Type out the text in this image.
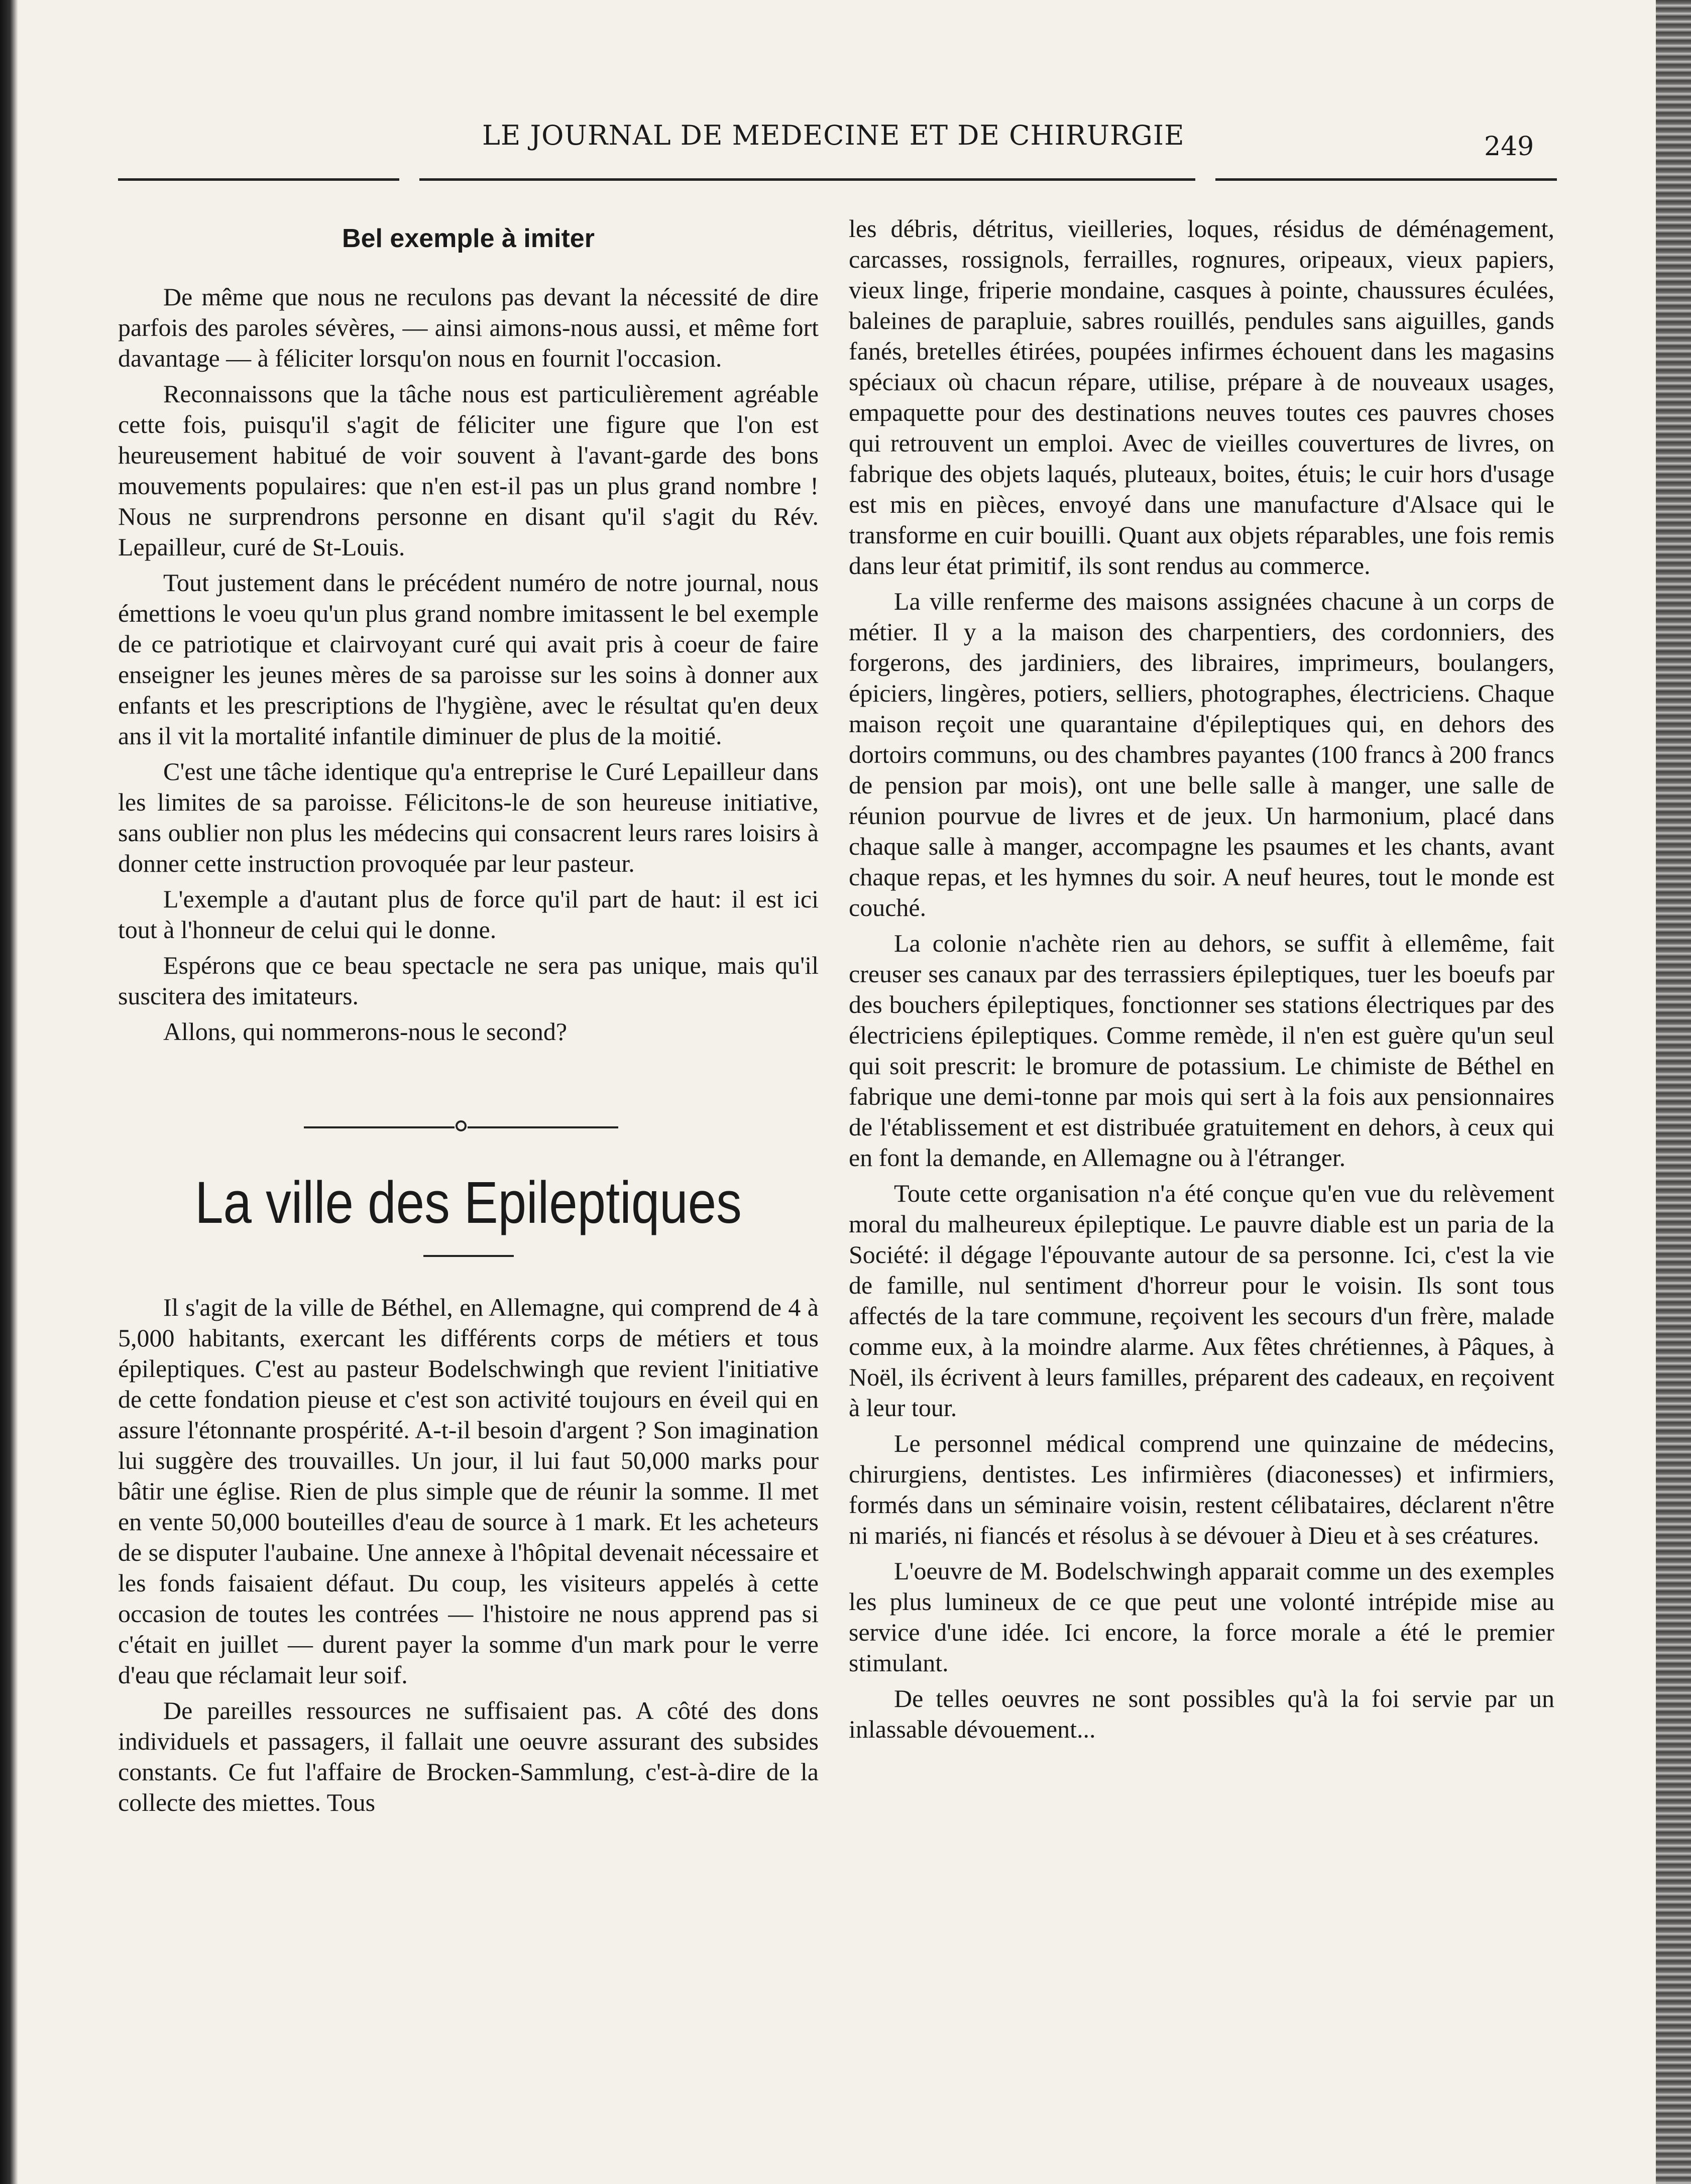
LE JOURNAL DE MEDECINE ET DE CHIRURGIE	249
Bel exemple à imiter

De même que nous ne reculons pas devant la nécessité de dire parfois des paroles sévères, — ainsi aimons-nous aussi, et même fort davantage — à féliciter lorsqu'on nous en fournit l'occasion.

Reconnaissons que la tâche nous est particulièrement agréable cette fois, puisqu'il s'agit de féliciter une figure que l'on est heureusement habitué de voir souvent à l'avant-garde des bons mouvements populaires: que n'en est-il pas un plus grand nombre ! Nous ne surprendrons personne en disant qu'il s'agit du Rév. Lepailleur, curé de St-Louis.

Tout justement dans le précédent numéro de notre journal, nous émettions le voeu qu'un plus grand nombre imitassent le bel exemple de ce patriotique et clairvoyant curé qui avait pris à coeur de faire enseigner les jeunes mères de sa paroisse sur les soins à donner aux enfants et les prescriptions de l'hygiène, avec le résultat qu'en deux ans il vit la mortalité infantile diminuer de plus de la moitié.

C'est une tâche identique qu'a entreprise le Curé Lepailleur dans les limites de sa paroisse. Félicitons-le de son heureuse initiative, sans oublier non plus les médecins qui consacrent leurs rares loisirs à donner cette instruction provoquée par leur pasteur.

L'exemple a d'autant plus de force qu'il part de haut: il est ici tout à l'honneur de celui qui le donne.

Espérons que ce beau spectacle ne sera pas unique, mais qu'il suscitera des imitateurs.

Allons, qui nommerons-nous le second?

La ville des Epileptiques

Il s'agit de la ville de Béthel, en Allemagne, qui comprend de 4 à 5,000 habitants, exercant les différents corps de métiers et tous épileptiques. C'est au pasteur Bodelschwingh que revient l'initiative de cette fondation pieuse et c'est son activité toujours en éveil qui en assure l'étonnante prospérité. A-t-il besoin d'argent ? Son imagination lui suggère des trouvailles. Un jour, il lui faut 50,000 marks pour bâtir une église. Rien de plus simple que de réunir la somme. Il met en vente 50,000 bouteilles d'eau de source à 1 mark. Et les acheteurs de se disputer l'aubaine. Une annexe à l'hôpital devenait nécessaire et les fonds faisaient défaut. Du coup, les visiteurs appelés à cette occasion de toutes les contrées — l'histoire ne nous apprend pas si c'était en juillet — durent payer la somme d'un mark pour le verre d'eau que réclamait leur soif.

De pareilles ressources ne suffisaient pas. A côté des dons individuels et passagers, il fallait une oeuvre assurant des subsides constants. Ce fut l'affaire de Brocken-Sammlung, c'est-à-dire de la collecte des miettes. Tous

les débris, détritus, vieilleries, loques, résidus de déménagement, carcasses, rossignols, ferrailles, rognures, oripeaux, vieux papiers, vieux linge, friperie mondaine, casques à pointe, chaussures éculées, baleines de parapluie, sabres rouillés, pendules sans aiguilles, gands fanés, bretelles étirées, poupées infirmes échouent dans les magasins spéciaux où chacun répare, utilise, prépare à de nouveaux usages, empaquette pour des destinations neuves toutes ces pauvres choses qui retrouvent un emploi. Avec de vieilles couvertures de livres, on fabrique des objets laqués, pluteaux, boites, étuis; le cuir hors d'usage est mis en pièces, envoyé dans une manufacture d'Alsace qui le transforme en cuir bouilli. Quant aux objets réparables, une fois remis dans leur état primitif, ils sont rendus au commerce.

La ville renferme des maisons assignées chacune à un corps de métier. Il y a la maison des charpentiers, des cordonniers, des forgerons, des jardiniers, des libraires, imprimeurs, boulangers, épiciers, lingères, potiers, selliers, photographes, électriciens. Chaque maison reçoit une quarantaine d'épileptiques qui, en dehors des dortoirs communs, ou des chambres payantes (100 francs à 200 francs de pension par mois), ont une belle salle à manger, une salle de réunion pourvue de livres et de jeux. Un harmonium, placé dans chaque salle à manger, accompagne les psaumes et les chants, avant chaque repas, et les hymnes du soir. A neuf heures, tout le monde est couché.

La colonie n'achète rien au dehors, se suffit à ellemême, fait creuser ses canaux par des terrassiers épileptiques, tuer les boeufs par des bouchers épileptiques, fonctionner ses stations électriques par des électriciens épileptiques. Comme remède, il n'en est guère qu'un seul qui soit prescrit: le bromure de potassium. Le chimiste de Béthel en fabrique une demi-tonne par mois qui sert à la fois aux pensionnaires de l'établissement et est distribuée gratuitement en dehors, à ceux qui en font la demande, en Allemagne ou à l'étranger.

Toute cette organisation n'a été conçue qu'en vue du relèvement moral du malheureux épileptique. Le pauvre diable est un paria de la Société: il dégage l'épouvante autour de sa personne. Ici, c'est la vie de famille, nul sentiment d'horreur pour le voisin. Ils sont tous affectés de la tare commune, reçoivent les secours d'un frère, malade comme eux, à la moindre alarme. Aux fêtes chrétiennes, à Pâques, à Noël, ils écrivent à leurs familles, préparent des cadeaux, en reçoivent à leur tour.

Le personnel médical comprend une quinzaine de médecins, chirurgiens, dentistes. Les infirmières (diaconesses) et infirmiers, formés dans un séminaire voisin, restent célibataires, déclarent n'être ni mariés, ni fiancés et résolus à se dévouer à Dieu et à ses créatures.

L'oeuvre de M. Bodelschwingh apparait comme un des exemples les plus lumineux de ce que peut une volonté intrépide mise au service d'une idée. Ici encore, la force morale a été le premier stimulant.

De telles oeuvres ne sont possibles qu'à la foi servie par un inlassable dévouement...
